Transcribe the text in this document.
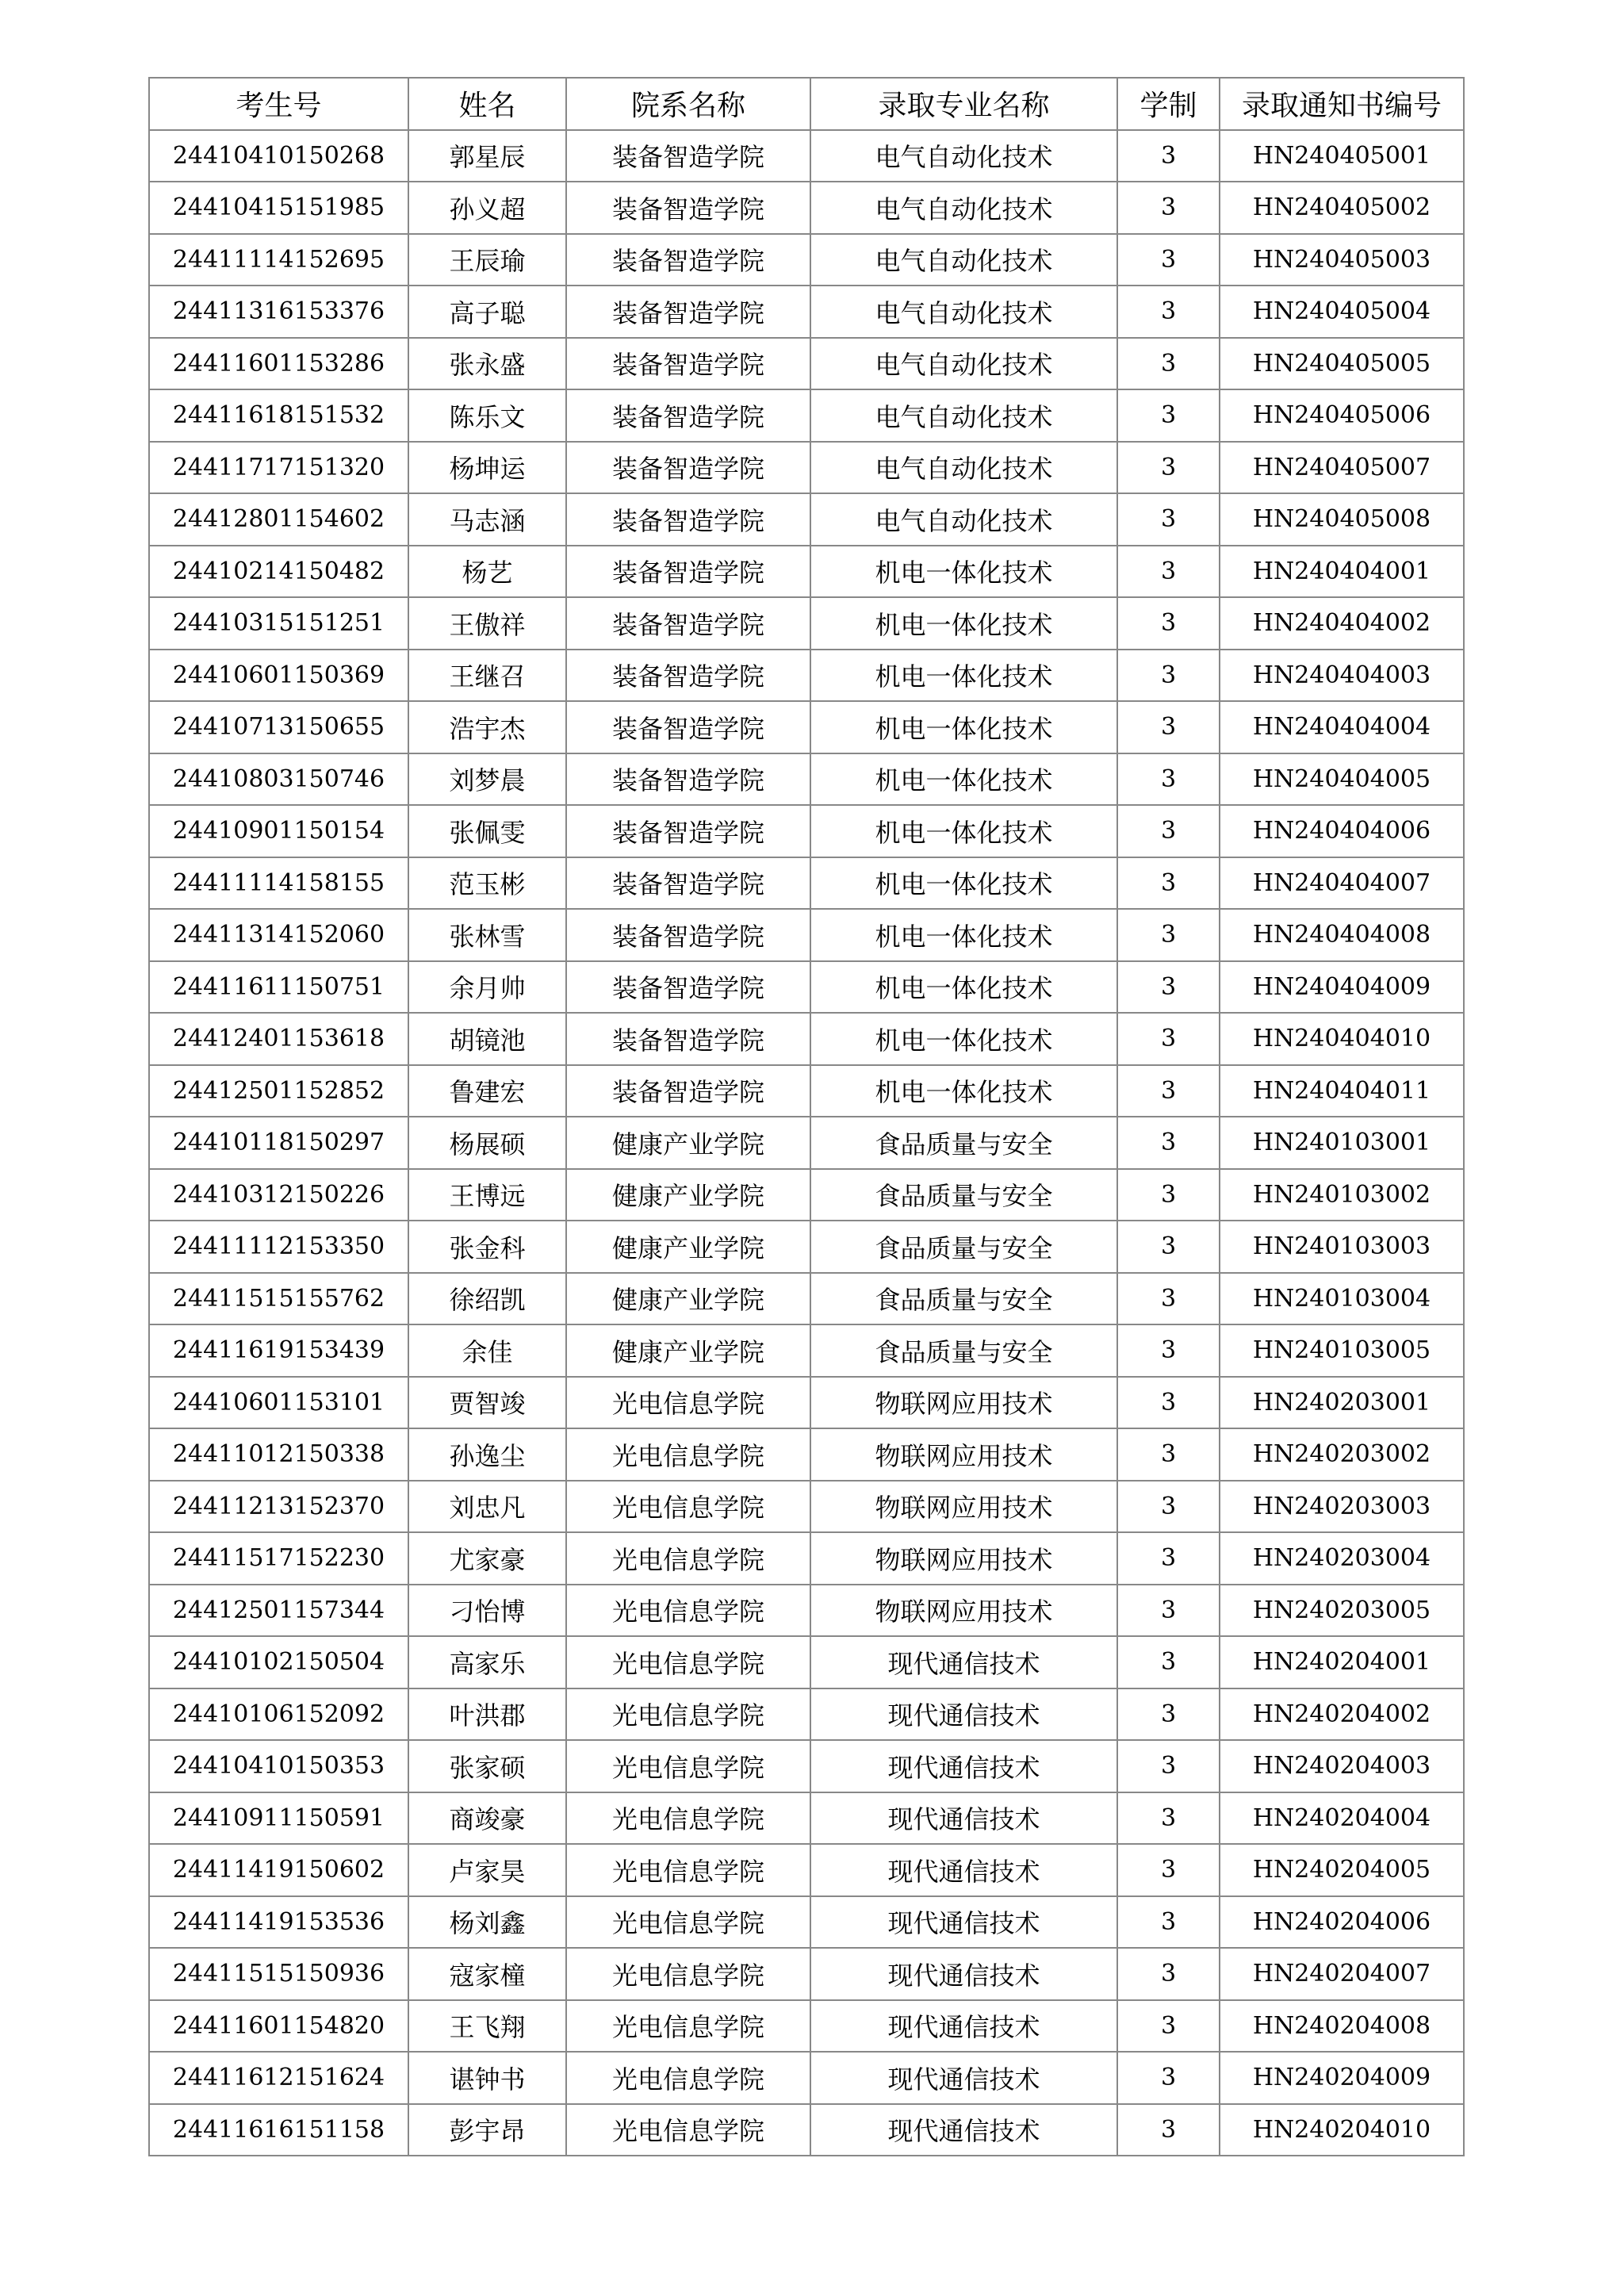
考生号	姓名	院系名称	录取专业名称	学制	录取通知书编号
24410410150268	郭星辰	装备智造学院	电气自动化技术	3	HN240405001
24410415151985	孙义超	装备智造学院	电气自动化技术	3	HN240405002
24411114152695	王辰瑜	装备智造学院	电气自动化技术	3	HN240405003
24411316153376	高子聪	装备智造学院	电气自动化技术	3	HN240405004
24411601153286	张永盛	装备智造学院	电气自动化技术	3	HN240405005
24411618151532	陈乐文	装备智造学院	电气自动化技术	3	HN240405006
24411717151320	杨坤运	装备智造学院	电气自动化技术	3	HN240405007
24412801154602	马志涵	装备智造学院	电气自动化技术	3	HN240405008
24410214150482	杨艺	装备智造学院	机电一体化技术	3	HN240404001
24410315151251	王傲祥	装备智造学院	机电一体化技术	3	HN240404002
24410601150369	王继召	装备智造学院	机电一体化技术	3	HN240404003
24410713150655	浩宇杰	装备智造学院	机电一体化技术	3	HN240404004
24410803150746	刘梦晨	装备智造学院	机电一体化技术	3	HN240404005
24410901150154	张佩雯	装备智造学院	机电一体化技术	3	HN240404006
24411114158155	范玉彬	装备智造学院	机电一体化技术	3	HN240404007
24411314152060	张林雪	装备智造学院	机电一体化技术	3	HN240404008
24411611150751	余月帅	装备智造学院	机电一体化技术	3	HN240404009
24412401153618	胡镜池	装备智造学院	机电一体化技术	3	HN240404010
24412501152852	鲁建宏	装备智造学院	机电一体化技术	3	HN240404011
24410118150297	杨展硕	健康产业学院	食品质量与安全	3	HN240103001
24410312150226	王博远	健康产业学院	食品质量与安全	3	HN240103002
24411112153350	张金科	健康产业学院	食品质量与安全	3	HN240103003
24411515155762	徐绍凯	健康产业学院	食品质量与安全	3	HN240103004
24411619153439	余佳	健康产业学院	食品质量与安全	3	HN240103005
24410601153101	贾智竣	光电信息学院	物联网应用技术	3	HN240203001
24411012150338	孙逸尘	光电信息学院	物联网应用技术	3	HN240203002
24411213152370	刘忠凡	光电信息学院	物联网应用技术	3	HN240203003
24411517152230	尤家豪	光电信息学院	物联网应用技术	3	HN240203004
24412501157344	刁怡博	光电信息学院	物联网应用技术	3	HN240203005
24410102150504	高家乐	光电信息学院	现代通信技术	3	HN240204001
24410106152092	叶洪郡	光电信息学院	现代通信技术	3	HN240204002
24410410150353	张家硕	光电信息学院	现代通信技术	3	HN240204003
24410911150591	商竣豪	光电信息学院	现代通信技术	3	HN240204004
24411419150602	卢家昊	光电信息学院	现代通信技术	3	HN240204005
24411419153536	杨刘鑫	光电信息学院	现代通信技术	3	HN240204006
24411515150936	寇家橦	光电信息学院	现代通信技术	3	HN240204007
24411601154820	王飞翔	光电信息学院	现代通信技术	3	HN240204008
24411612151624	谌钟书	光电信息学院	现代通信技术	3	HN240204009
24411616151158	彭宇昂	光电信息学院	现代通信技术	3	HN240204010
